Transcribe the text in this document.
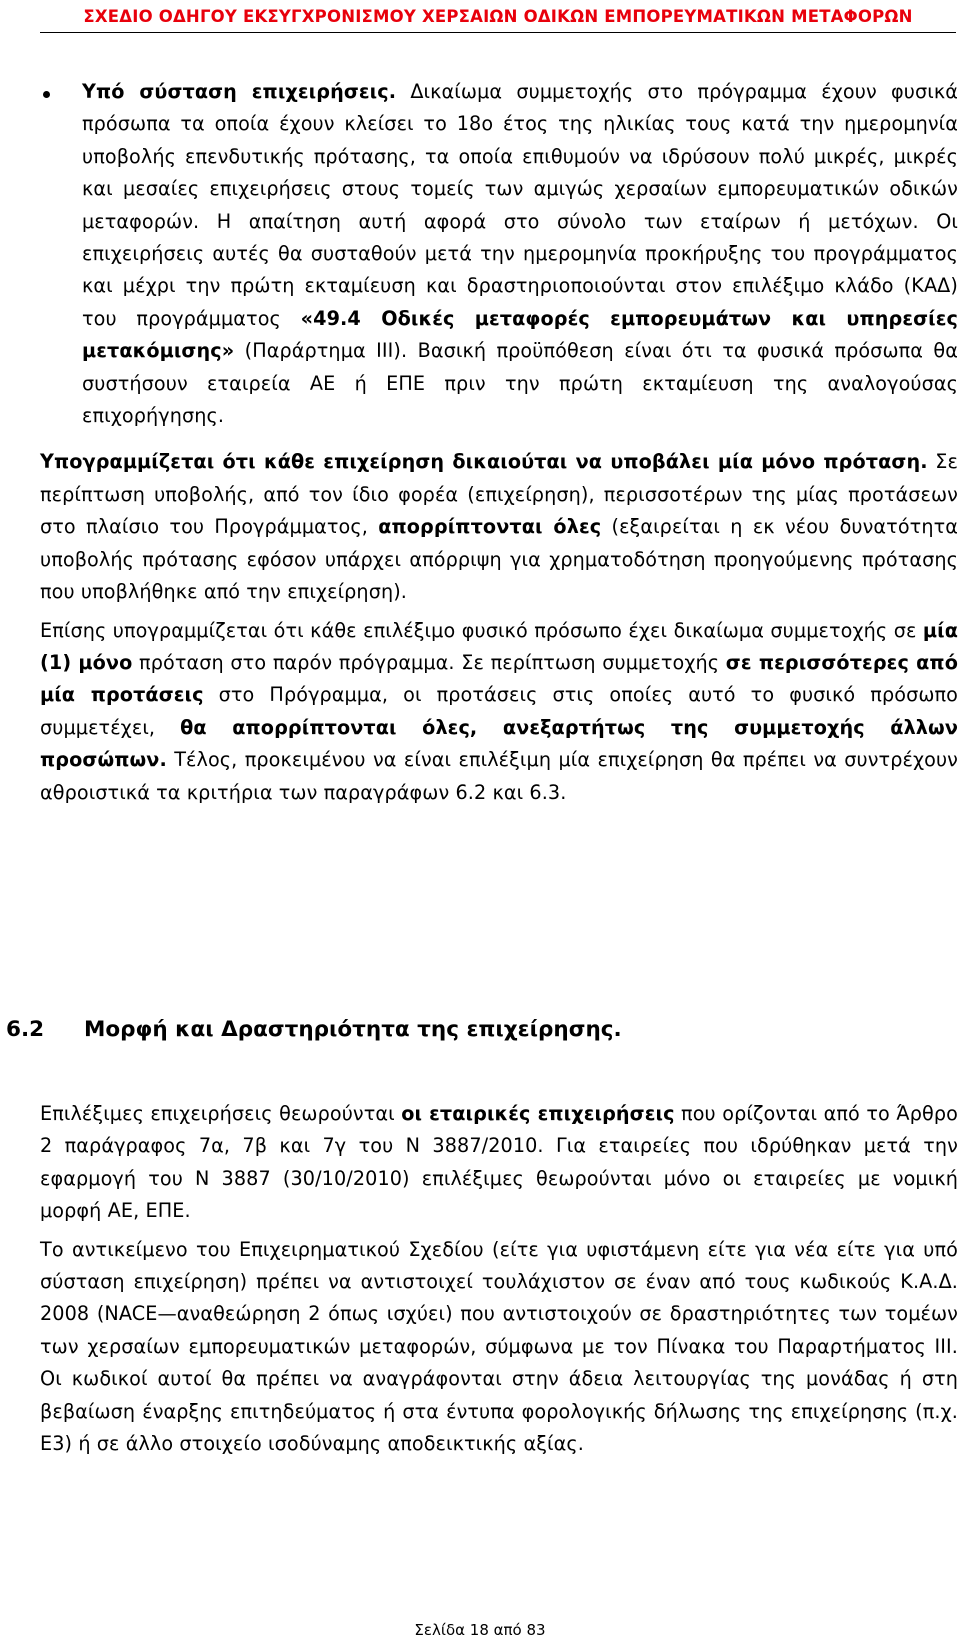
ΣΧΕΔΙΟ ΟΔΗΓΟΥ ΕΚΣΥΓΧΡΟΝΙΣΜΟΥ ΧΕΡΣΑΙΩΝ ΟΔΙΚΩΝ ΕΜΠΟΡΕΥΜΑΤΙΚΩΝ ΜΕΤΑΦΟΡΩΝ

Υπό σύσταση επιχειρήσεις. Δικαίωμα συμμετοχής στο πρόγραμμα έχουν φυσικά πρόσωπα τα οποία έχουν κλείσει το 18ο έτος της ηλικίας τους κατά την ημερομηνία υποβολής επενδυτικής πρότασης, τα οποία επιθυμούν να ιδρύσουν πολύ μικρές, μικρές και μεσαίες επιχειρήσεις στους τομείς των αμιγώς χερσαίων εμπορευματικών οδικών μεταφορών. Η απαίτηση αυτή αφορά στο σύνολο των εταίρων ή μετόχων. Οι επιχειρήσεις αυτές θα συσταθούν μετά την ημερομηνία προκήρυξης του προγράμματος και μέχρι την πρώτη εκταμίευση και δραστηριοποιούνται στον επιλέξιμο κλάδο (ΚΑΔ) του προγράμματος «49.4 Οδικές μεταφορές εμπορευμάτων και υπηρεσίες μετακόμισης» (Παράρτημα ΙΙΙ). Βασική προϋπόθεση είναι ότι τα φυσικά πρόσωπα θα συστήσουν εταιρεία ΑΕ ή ΕΠΕ πριν την πρώτη εκταμίευση της αναλογούσας επιχορήγησης.

Υπογραμμίζεται ότι κάθε επιχείρηση δικαιούται να υποβάλει μία μόνο πρόταση. Σε περίπτωση υποβολής, από τον ίδιο φορέα (επιχείρηση), περισσοτέρων της μίας προτάσεων στο πλαίσιο του Προγράμματος, απορρίπτονται όλες (εξαιρείται η εκ νέου δυνατότητα υποβολής πρότασης εφόσον υπάρχει απόρριψη για χρηματοδότηση προηγούμενης πρότασης που υποβλήθηκε από την επιχείρηση).

Επίσης υπογραμμίζεται ότι κάθε επιλέξιμο φυσικό πρόσωπο έχει δικαίωμα συμμετοχής σε μία (1) μόνο πρόταση στο παρόν πρόγραμμα. Σε περίπτωση συμμετοχής σε περισσότερες από μία προτάσεις στο Πρόγραμμα, οι προτάσεις στις οποίες αυτό το φυσικό πρόσωπο συμμετέχει, θα απορρίπτονται όλες, ανεξαρτήτως της συμμετοχής άλλων προσώπων. Τέλος, προκειμένου να είναι επιλέξιμη μία επιχείρηση θα πρέπει να συντρέχουν αθροιστικά τα κριτήρια των παραγράφων 6.2 και 6.3.

6.2 Μορφή και Δραστηριότητα της επιχείρησης.

Επιλέξιμες επιχειρήσεις θεωρούνται οι εταιρικές επιχειρήσεις που ορίζονται από το Άρθρο 2 παράγραφος 7α, 7β και 7γ του Ν 3887/2010. Για εταιρείες που ιδρύθηκαν μετά την εφαρμογή του Ν 3887 (30/10/2010) επιλέξιμες θεωρούνται μόνο οι εταιρείες με νομική μορφή ΑΕ, ΕΠΕ.

Το αντικείμενο του Επιχειρηματικού Σχεδίου (είτε για υφιστάμενη είτε για νέα είτε για υπό σύσταση επιχείρηση) πρέπει να αντιστοιχεί τουλάχιστον σε έναν από τους κωδικούς Κ.Α.Δ. 2008 (NACE—αναθεώρηση 2 όπως ισχύει) που αντιστοιχούν σε δραστηριότητες των τομέων των χερσαίων εμπορευματικών μεταφορών, σύμφωνα με τον Πίνακα του Παραρτήματος ΙΙΙ. Οι κωδικοί αυτοί θα πρέπει να αναγράφονται στην άδεια λειτουργίας της μονάδας ή στη βεβαίωση έναρξης επιτηδεύματος ή στα έντυπα φορολογικής δήλωσης της επιχείρησης (π.χ. Ε3) ή σε άλλο στοιχείο ισοδύναμης αποδεικτικής αξίας.

Σελίδα 18 από 83
